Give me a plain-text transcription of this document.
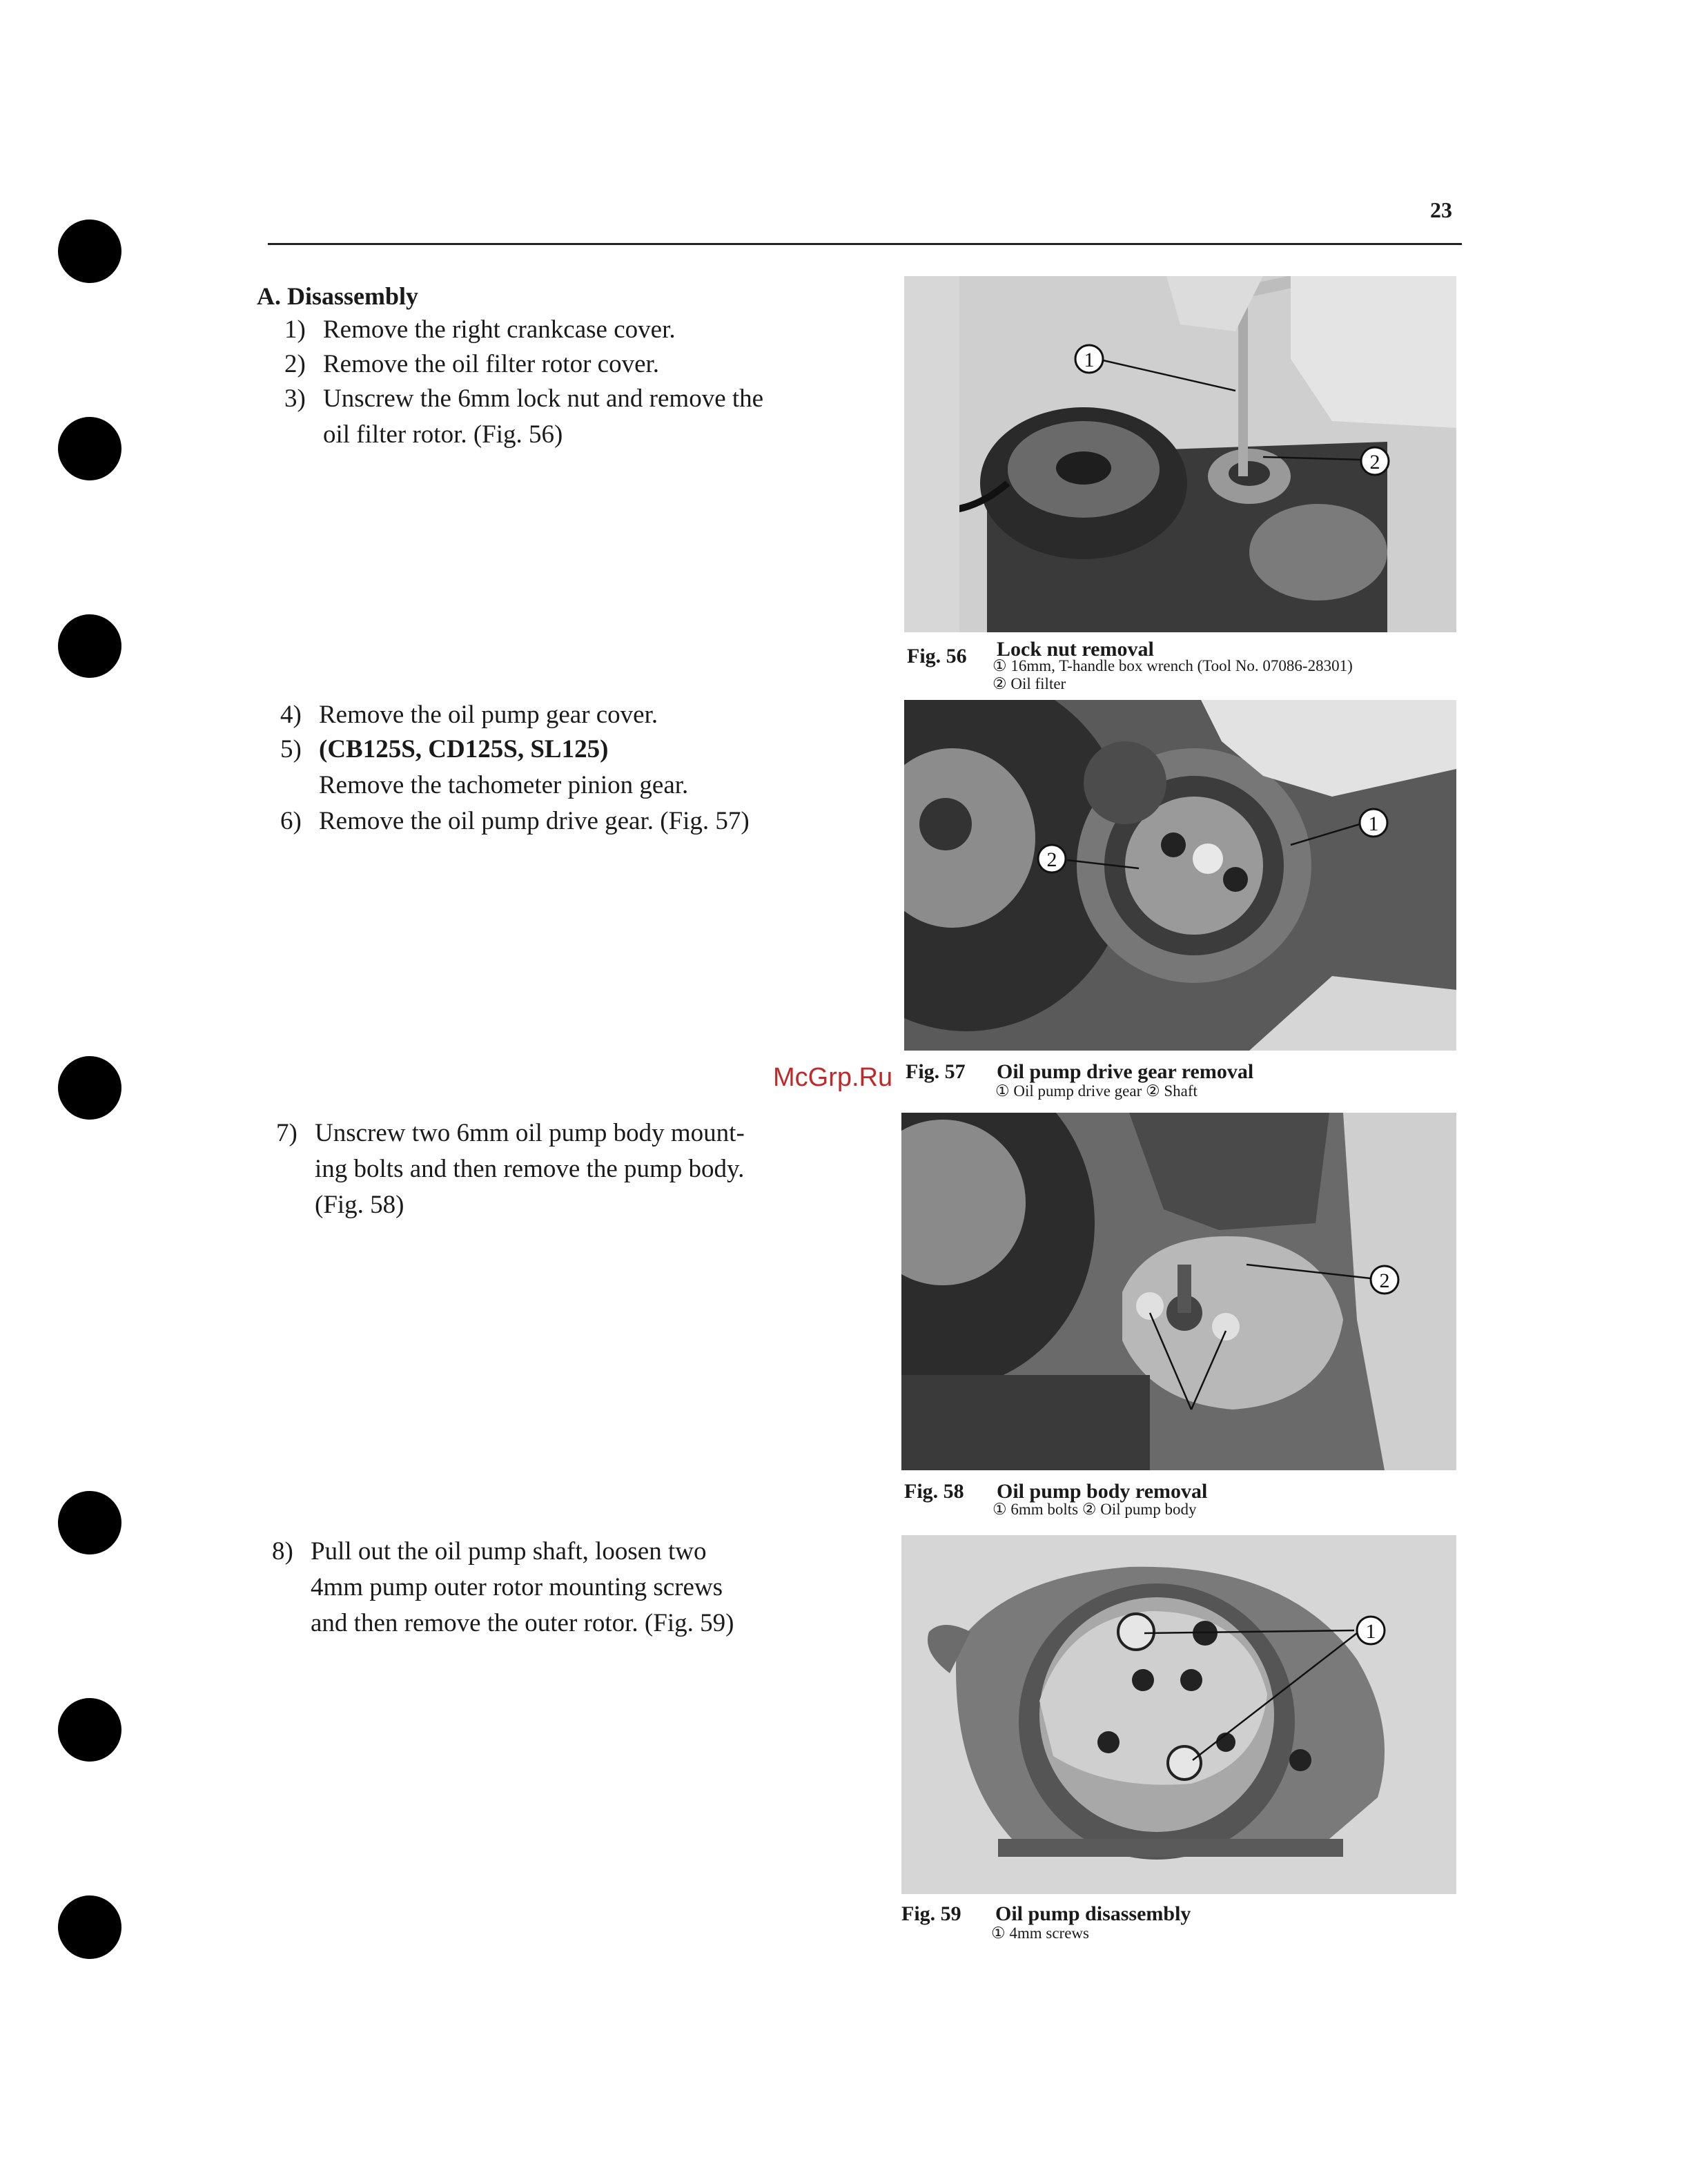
23
A. Disassembly
1) Remove the right crankcase cover.
2) Remove the oil filter rotor cover.
3) Unscrew the 6mm lock nut and remove the
oil filter rotor. (Fig. 56)
4) Remove the oil pump gear cover.
5) (CB125S, CD125S, SL125)
Remove the tachometer pinion gear.
6) Remove the oil pump drive gear. (Fig. 57)
7) Unscrew two 6mm oil pump body mount-
ing bolts and then remove the pump body.
(Fig. 58)
8) Pull out the oil pump shaft, loosen two
4mm pump outer rotor mounting screws
and then remove the outer rotor. (Fig. 59)
1
2
Fig. 56 Lock nut removal
① 16mm, T-handle box wrench (Tool No. 07086-28301)
② Oil filter
1
2
McGrp.Ru Fig. 57 Oil pump drive gear removal
① Oil pump drive gear ② Shaft
2
Fig. 58 Oil pump body removal
① 6mm bolts ② Oil pump body
1
Fig. 59 Oil pump disassembly
① 4mm screws
